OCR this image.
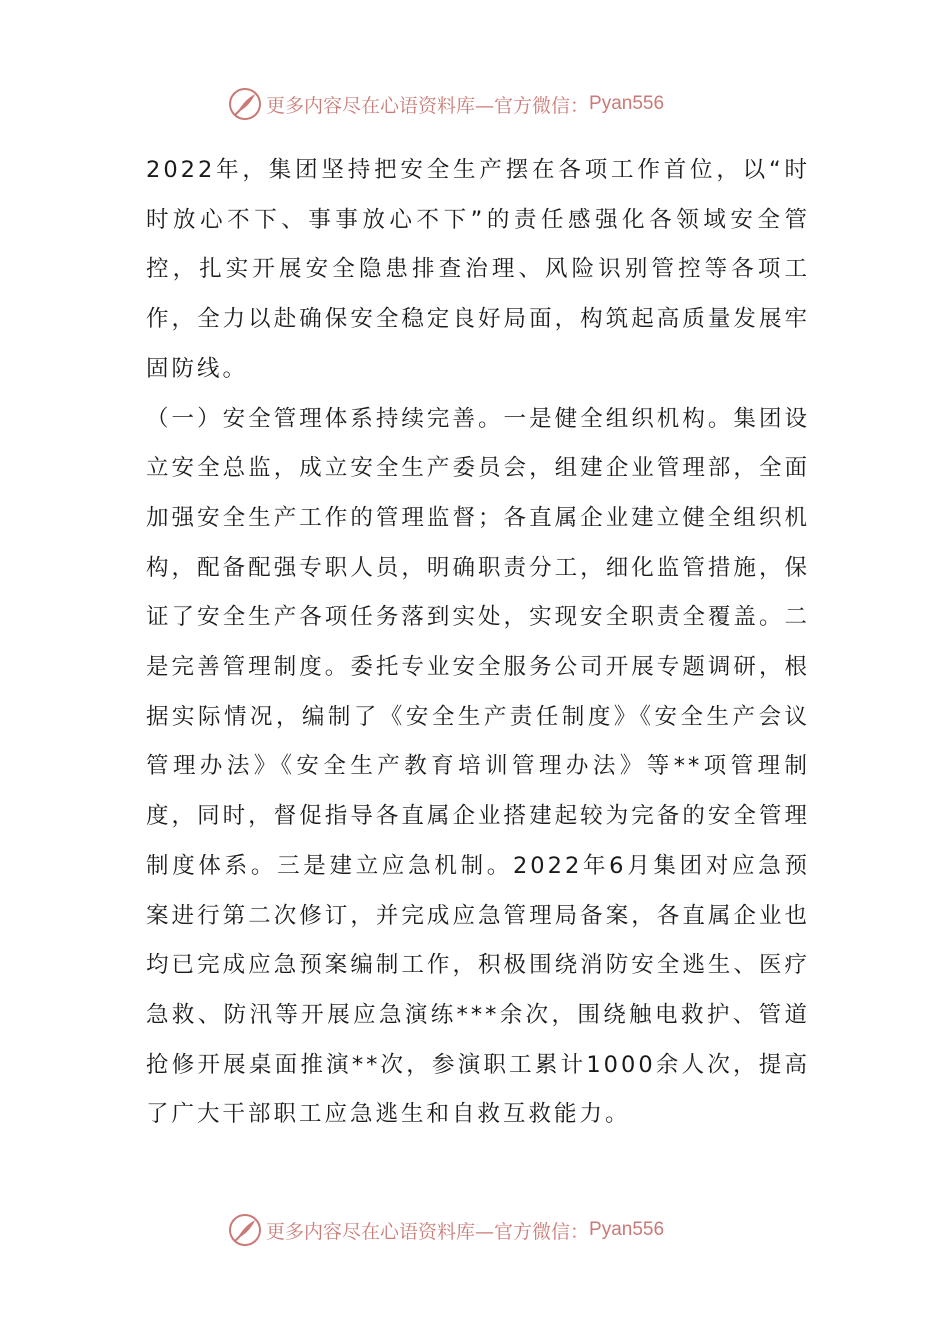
更多内容尽在心语资料库—官方微信： Pyan556

2022年，集团坚持把安全生产摆在各项工作首位，以“时时放心不下、事事放心不下”的责任感强化各领域安全管控，扎实开展安全隐患排查治理、风险识别管控等各项工作，全力以赴确保安全稳定良好局面，构筑起高质量发展牢固防线。

（一）安全管理体系持续完善。一是健全组织机构。集团设立安全总监，成立安全生产委员会，组建企业管理部，全面加强安全生产工作的管理监督；各直属企业建立健全组织机构，配备配强专职人员，明确职责分工，细化监管措施，保证了安全生产各项任务落到实处，实现安全职责全覆盖。二是完善管理制度。委托专业安全服务公司开展专题调研，根据实际情况，编制了《安全生产责任制度》《安全生产会议管理办法》《安全生产教育培训管理办法》等**项管理制度，同时，督促指导各直属企业搭建起较为完备的安全管理制度体系。三是建立应急机制。2022年6月集团对应急预案进行第二次修订，并完成应急管理局备案，各直属企业也均已完成应急预案编制工作，积极围绕消防安全逃生、医疗急救、防汛等开展应急演练***余次，围绕触电救护、管道抢修开展桌面推演**次，参演职工累计1000余人次，提高了广大干部职工应急逃生和自救互救能力。

更多内容尽在心语资料库—官方微信： Pyan556
